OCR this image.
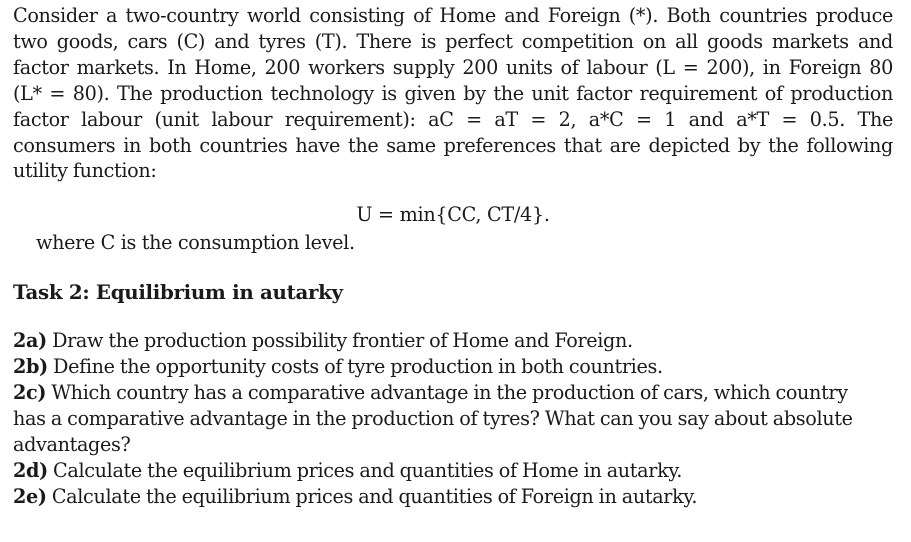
Consider a two-country world consisting of Home and Foreign (*). Both countries produce
two goods, cars (C) and tyres (T). There is perfect competition on all goods markets and
factor markets. In Home, 200 workers supply 200 units of labour (L = 200), in Foreign 80
(L* = 80). The production technology is given by the unit factor requirement of production
factor labour (unit labour requirement): aC = aT = 2, a*C = 1 and a*T = 0.5. The
consumers in both countries have the same preferences that are depicted by the following
utility function:
U = min{CC, CT/4}.
where C is the consumption level.
Task 2: Equilibrium in autarky
2a) Draw the production possibility frontier of Home and Foreign.
2b) Define the opportunity costs of tyre production in both countries.
2c) Which country has a comparative advantage in the production of cars, which country
has a comparative advantage in the production of tyres? What can you say about absolute
advantages?
2d) Calculate the equilibrium prices and quantities of Home in autarky.
2e) Calculate the equilibrium prices and quantities of Foreign in autarky.
